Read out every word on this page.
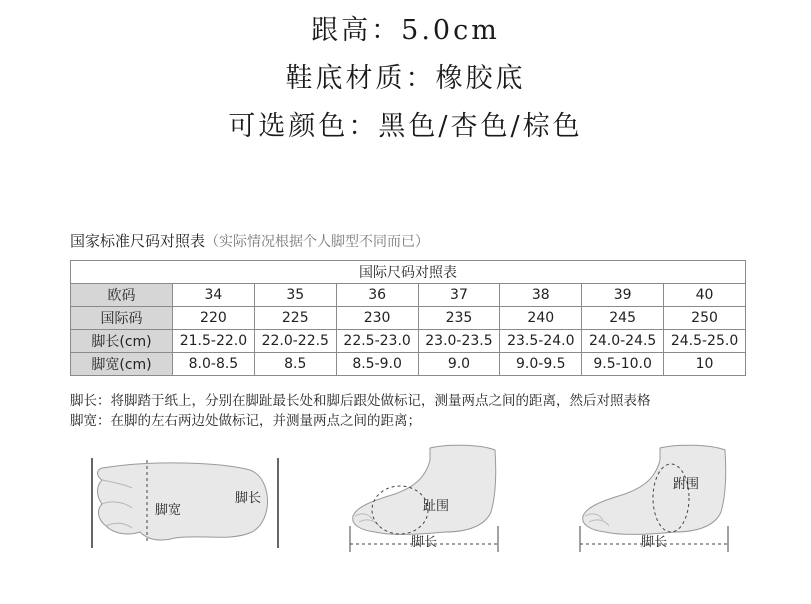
跟高：5.0cm
鞋底材质：橡胶底
可选颜色：黑色/杏色/棕色
国家标准尺码对照表（实际情况根据个人脚型不同而已）
国际尺码对照表							
欧码	34	35	36	37	38	39	40
国际码	220	225	230	235	240	245	250
脚长(cm)	21.5-22.0	22.0-22.5	22.5-23.0	23.0-23.5	23.5-24.0	24.0-24.5	24.5-25.0
脚宽(cm)	8.0-8.5	8.5	8.5-9.0	9.0	9.0-9.5	9.5-10.0	10
脚长：将脚踏于纸上，分别在脚趾最长处和脚后跟处做标记，测量两点之间的距离，然后对照表格
脚宽：在脚的左右两边处做标记，并测量两点之间的距离；
脚宽
脚长
趾围
脚长
跗围
脚长
